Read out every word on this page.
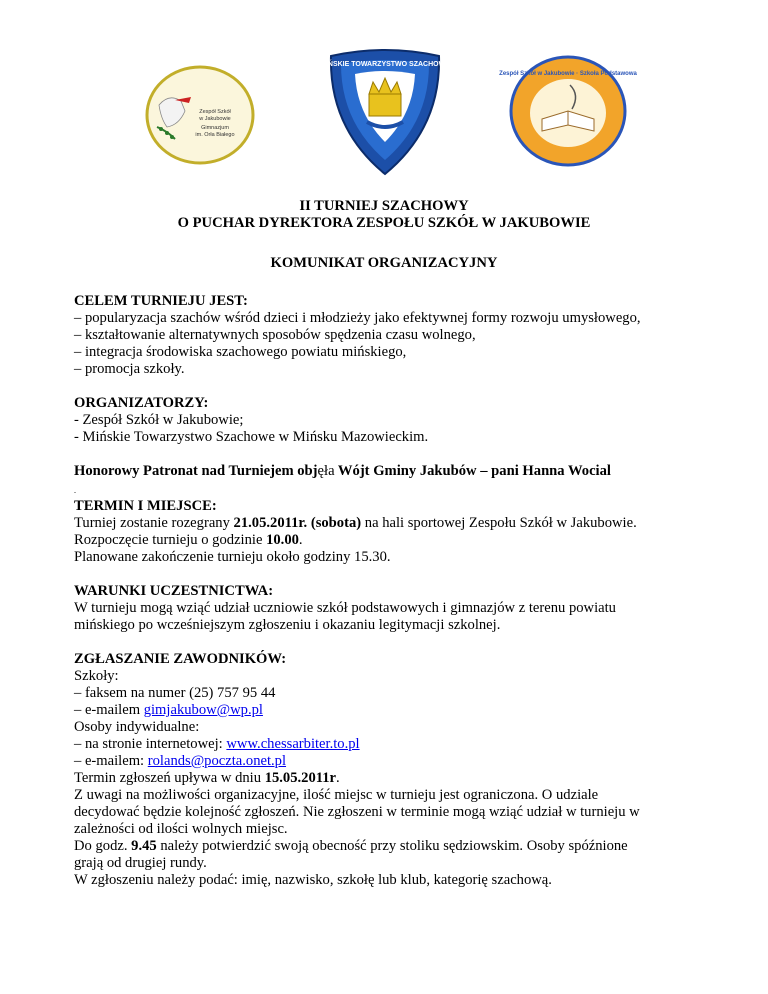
Zespół Szkół
w Jakubowie
Gimnazjum
im. Orła Białego
MIŃSKIE TOWARZYSTWO SZACHOWE
Zespół Szkół w Jakubowie · Szkoła Podstawowa
II TURNIEJ SZACHOWY
O PUCHAR DYREKTORA ZESPOŁU SZKÓŁ W JAKUBOWIE
KOMUNIKAT ORGANIZACYJNY
CELEM TURNIEJU JEST:
– popularyzacja szachów wśród dzieci i młodzieży jako efektywnej formy rozwoju umysłowego,
– kształtowanie alternatywnych sposobów spędzenia czasu wolnego,
– integracja środowiska szachowego powiatu mińskiego,
– promocja szkoły.
ORGANIZATORZY:
- Zespół Szkół w Jakubowie;
- Mińskie Towarzystwo Szachowe w Mińsku Mazowieckim.
Honorowy Patronat nad Turniejem objęła Wójt Gminy Jakubów – pani Hanna Wocial
.
TERMIN I MIEJSCE:
Turniej zostanie rozegrany 21.05.2011r. (sobota) na hali sportowej Zespołu Szkół w Jakubowie.
Rozpoczęcie turnieju o godzinie 10.00.
Planowane zakończenie turnieju około godziny 15.30.
WARUNKI UCZESTNICTWA:
W turnieju mogą wziąć udział uczniowie szkół podstawowych i gimnazjów z terenu powiatu
mińskiego po wcześniejszym zgłoszeniu i okazaniu legitymacji szkolnej.
ZGŁASZANIE ZAWODNIKÓW:
Szkoły:
– faksem na numer (25) 757 95 44
– e-mailem gimjakubow@wp.pl
Osoby indywidualne:
– na stronie internetowej: www.chessarbiter.to.pl
– e-mailem: rolands@poczta.onet.pl
Termin zgłoszeń upływa w dniu 15.05.2011r.
Z uwagi na możliwości organizacyjne, ilość miejsc w turnieju jest ograniczona. O udziale
decydować będzie kolejność zgłoszeń. Nie zgłoszeni w terminie mogą wziąć udział w turnieju w
zależności od ilości wolnych miejsc.
Do godz. 9.45 należy potwierdzić swoją obecność przy stoliku sędziowskim. Osoby spóźnione
grają od drugiej rundy.
W zgłoszeniu należy podać: imię, nazwisko, szkołę lub klub, kategorię szachową.
